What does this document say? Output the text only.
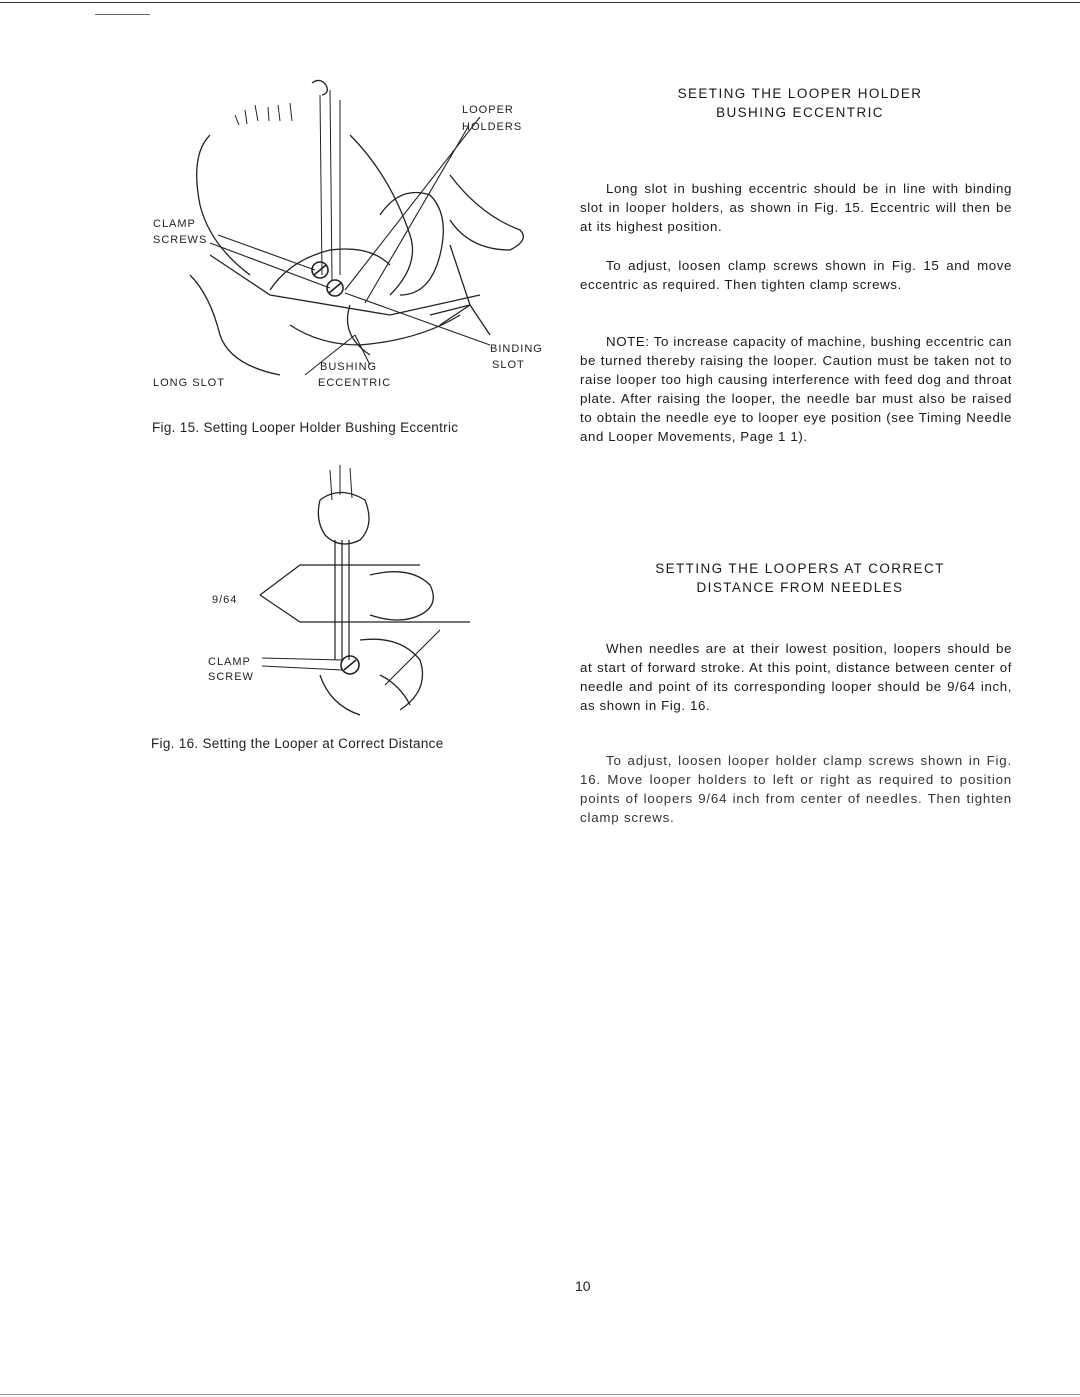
LOOPER
HOLDERS
CLAMP
SCREWS
BINDING
SLOT
BUSHING
ECCENTRIC
LONG SLOT
Fig. 15. Setting Looper Holder Bushing Eccentric
9/64
CLAMP
SCREW
Fig. 16. Setting the Looper at Correct Distance
SEETING THE LOOPER HOLDER
BUSHING ECCENTRIC
Long slot in bushing eccentric should be in line with binding slot in looper holders, as shown in Fig. 15. Eccentric will then be at its highest position.
To adjust, loosen clamp screws shown in Fig. 15 and move eccentric as required. Then tighten clamp screws.
NOTE: To increase capacity of machine, bushing eccentric can be turned thereby raising the looper. Caution must be taken not to raise looper too high causing interference with feed dog and throat plate. After raising the looper, the needle bar must also be raised to obtain the needle eye to looper eye position (see Timing Needle and Looper Movements, Page 1 1).
SETTING THE LOOPERS AT CORRECT
DISTANCE FROM NEEDLES
When needles are at their lowest position, loopers should be at start of forward stroke. At this point, distance between center of needle and point of its corresponding looper should be 9/64 inch, as shown in Fig. 16.
To adjust, loosen looper holder clamp screws shown in Fig. 16. Move looper holders to left or right as required to position points of loopers 9/64 inch from center of needles. Then tighten clamp screws.
10
